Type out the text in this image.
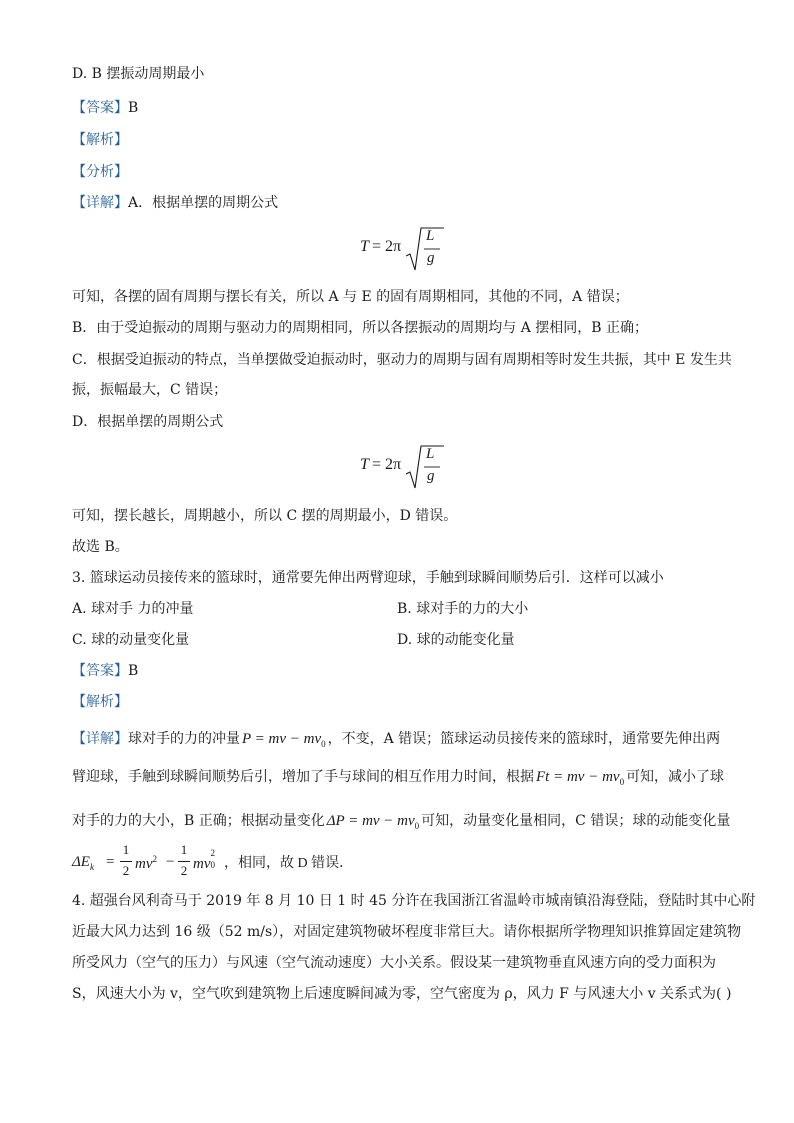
D. B 摆振动周期最小
【答案】B
【解析】
【分析】
【详解】A．根据单摆的周期公式
T = 2π
L
g
可知，各摆的固有周期与摆长有关，所以 A 与 E 的固有周期相同，其他的不同，A 错误；
B．由于受迫振动的周期与驱动力的周期相同，所以各摆振动的周期均与 A 摆相同，B 正确；
C．根据受迫振动的特点，当单摆做受迫振动时，驱动力的周期与固有周期相等时发生共振，其中 E 发生共
振，振幅最大，C 错误；
D．根据单摆的周期公式
T = 2π
L
g
可知，摆长越长，周期越小，所以 C 摆的周期最小，D 错误。
故选 B。
3. 篮球运动员接传来的篮球时，通常要先伸出两臂迎球，手触到球瞬间顺势后引．这样可以减小
A. 球对手 力的冲量	B. 球对手的力的大小
C. 球的动量变化量	D. 球的动能变化量
【答案】B
【解析】
【详解】球对手的力的冲量 P = mv − $mv_0$ ，不变，A 错误；篮球运动员接传来的篮球时，通常要先伸出两
臂迎球，手触到球瞬间顺势后引，增加了手与球间的相互作用力时间，根据 Ft = mv − $mv_0$ 可知，减小了球
对手的力的大小，B 正确；根据动量变化 ΔP = mv − $mv_0$ 可知，动量变化量相同，C 错误；球的动能变化量
$\Delta E_k$ =
1
2 $mv^2$ −
1
2 mv
2
0 ，相同，故 D 错误．
4. 超强台风利奇马于 2019 年 8 月 10 日 1 时 45 分许在我国浙江省温岭市城南镇沿海登陆，登陆时其中心附
近最大风力达到 16 级（52 m/s），对固定建筑物破坏程度非常巨大。请你根据所学物理知识推算固定建筑物
所受风力（空气的压力）与风速（空气流动速度）大小关系。假设某一建筑物垂直风速方向的受力面积为
S，风速大小为 v，空气吹到建筑物上后速度瞬间减为零，空气密度为 ρ，风力 F 与风速大小 v 关系式为( )
